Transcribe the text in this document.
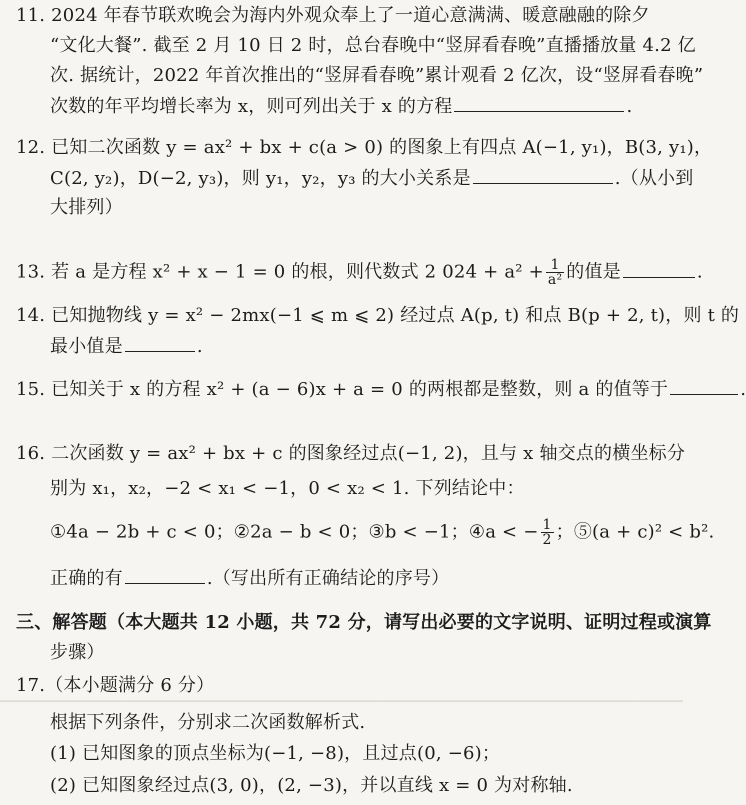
11. 2024 年春节联欢晚会为海内外观众奉上了一道心意满满、暖意融融的除夕
“文化大餐”. 截至 2 月 10 日 2 时，总台春晚中“竖屏看春晚”直播播放量 4.2 亿
次. 据统计，2022 年首次推出的“竖屏看春晚”累计观看 2 亿次，设“竖屏看春晚”
次数的年平均增长率为 x，则可列出关于 x 的方程	.
12. 已知二次函数 y = ax² + bx + c(a > 0) 的图象上有四点 A(−1, y₁)，B(3, y₁)，
C(2, y₂)，D(−2, y₃)，则 y₁，y₂，y₃ 的大小关系是	.（从小到
大排列）
13. 若 a 是方程 x² + x − 1 = 0 的根，则代数式 2 $024 + a^2 + \frac{1}{\text{a²}}$ 的值是	.
14. 已知抛物线 y = x² − 2mx(−1 ⩽ m ⩽ 2) 经过点 A(p, t) 和点 B(p + 2, t)，则 t 的
最小值是	.
15. 已知关于 x 的方程 x² + (a − 6)x + a = 0 的两根都是整数，则 a 的值等于	.
16. 二次函数 y = ax² + bx + c 的图象经过点(−1, 2)，且与 x 轴交点的横坐标分
别为 x₁，x₂，−2 < x₁ < −1，0 < x₂ < 1. 下列结论中：
①4a − 2b + c < 0；②2a − b < 0；③b < −1；④a < − $\frac{1}{2}$ ；⑤(a + c)² < b².
正确的有	.（写出所有正确结论的序号）
三、解答题（本大题共 12 小题，共 72 分，请写出必要的文字说明、证明过程或演算
步骤）
17.（本小题满分 6 分）
根据下列条件，分别求二次函数解析式.
(1) 已知图象的顶点坐标为(−1, −8)，且过点(0, −6)；
(2) 已知图象经过点(3, 0)，(2, −3)，并以直线 x = 0 为对称轴.
